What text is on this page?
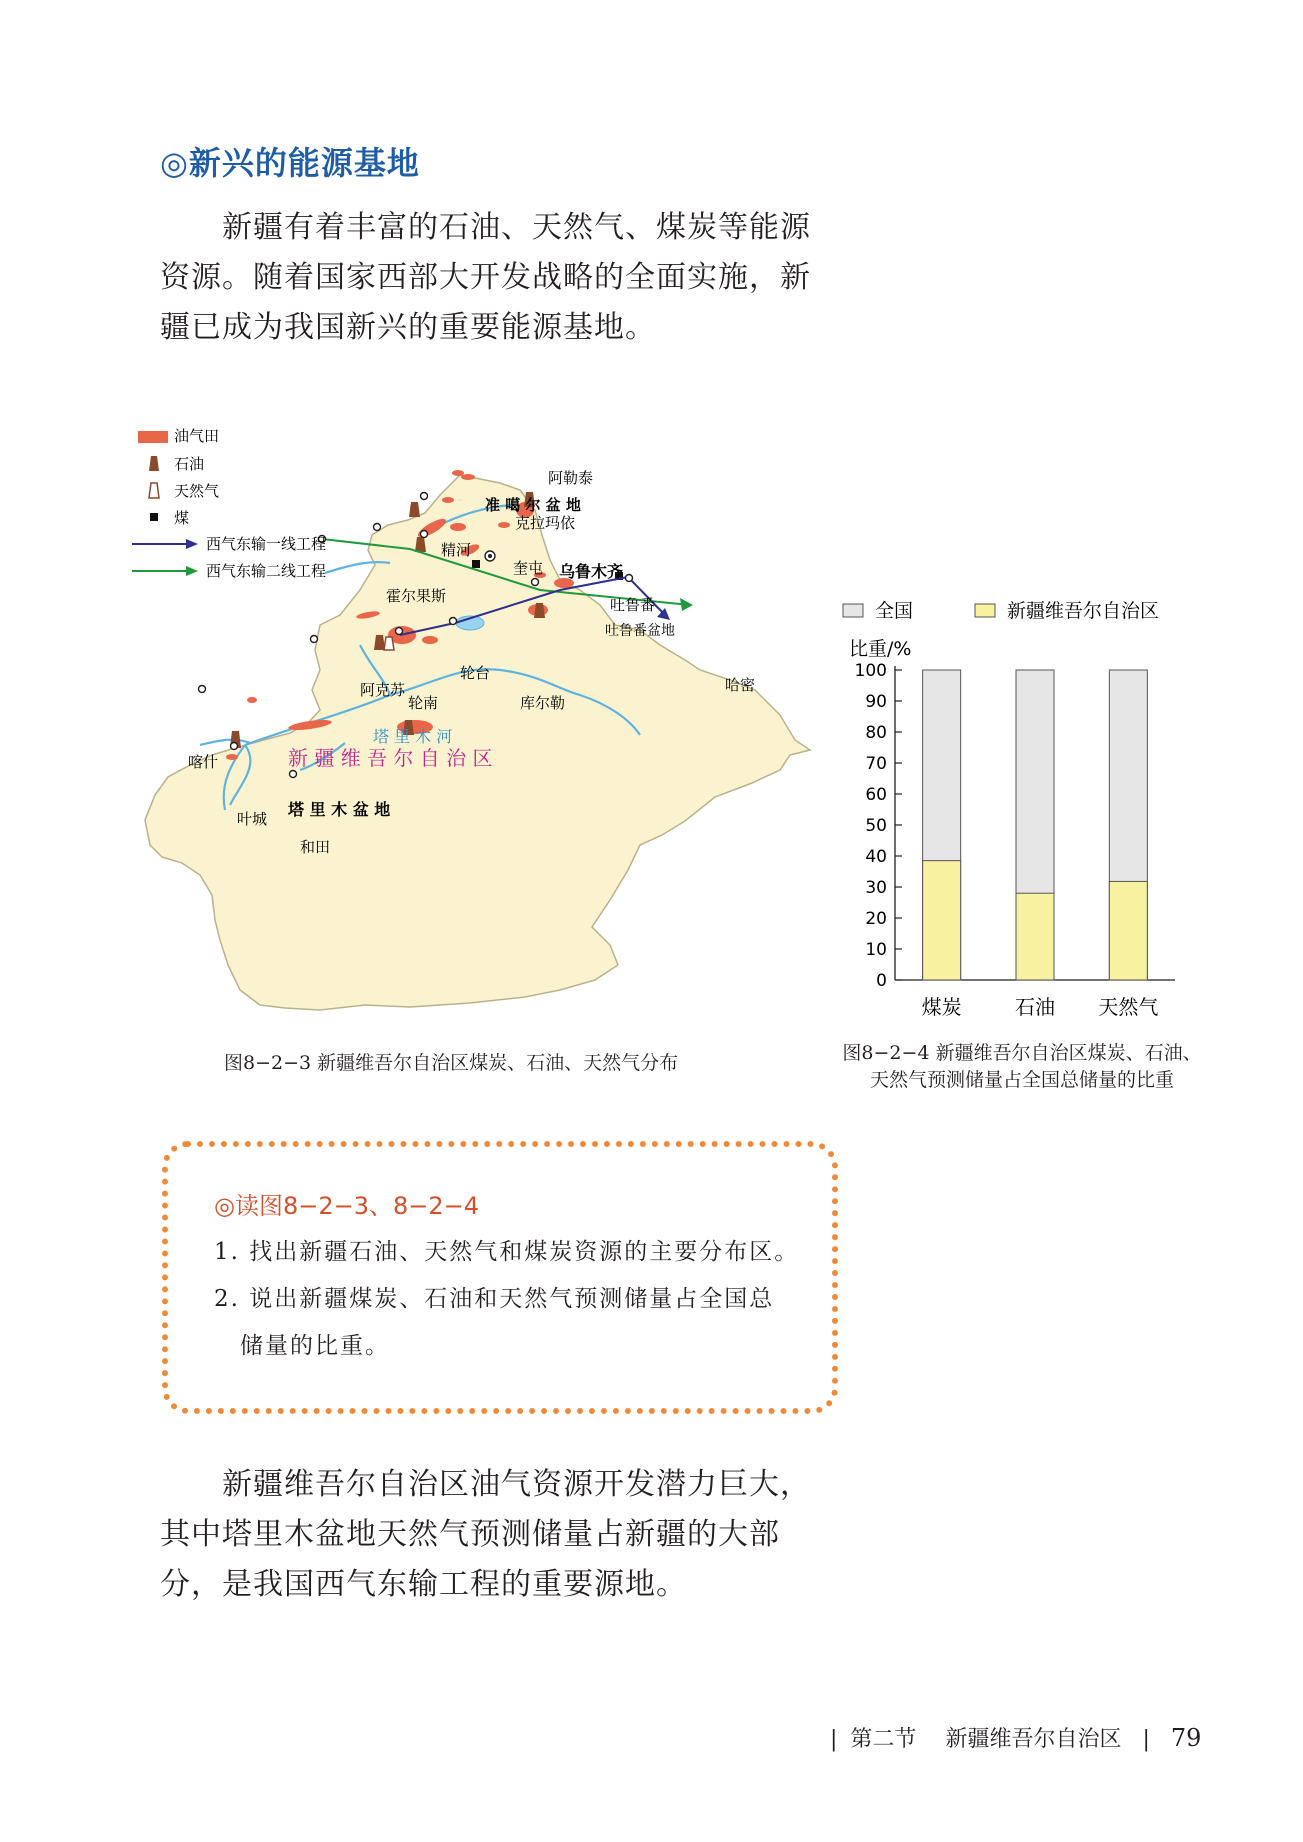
◎新兴的能源基地

新疆有着丰富的石油、天然气、煤炭等能源资源。随着国家西部大开发战略的全面实施，新疆已成为我国新兴的重要能源基地。

油气田
石油
天然气
煤
西气东输一线工程
西气东输二线工程
阿勒泰
克拉玛依
精河
奎屯 乌鲁木齐
霍尔果斯	吐鲁番
哈密
轮台
轮南	库尔勒
阿克苏
喀什
叶城
和田
准 噶 尔 盆 地
吐鲁番盆地
塔 里 木 河
新 疆 维 吾 尔 自 治 区
塔 里 木 盆 地
图8−2−3 新疆维吾尔自治区煤炭、石油、天然气分布
全国	新疆维吾尔自治区
比重/%
0
10
20
30
40
50
60
70
80
90
100
煤炭	石油 天然气
图8−2−4 新疆维吾尔自治区煤炭、石油、
天然气预测储量占全国总储量的比重
◎读图8−2−3、8−2−4
1. 找出新疆石油、天然气和煤炭资源的主要分布区。
2. 说出新疆煤炭、石油和天然气预测储量占全国总
储量的比重。

新疆维吾尔自治区油气资源开发潜力巨大，其中塔里木盆地天然气预测储量占新疆的大部分，是我国西气东输工程的重要源地。

| 第二节 新疆维吾尔自治区 | 79
